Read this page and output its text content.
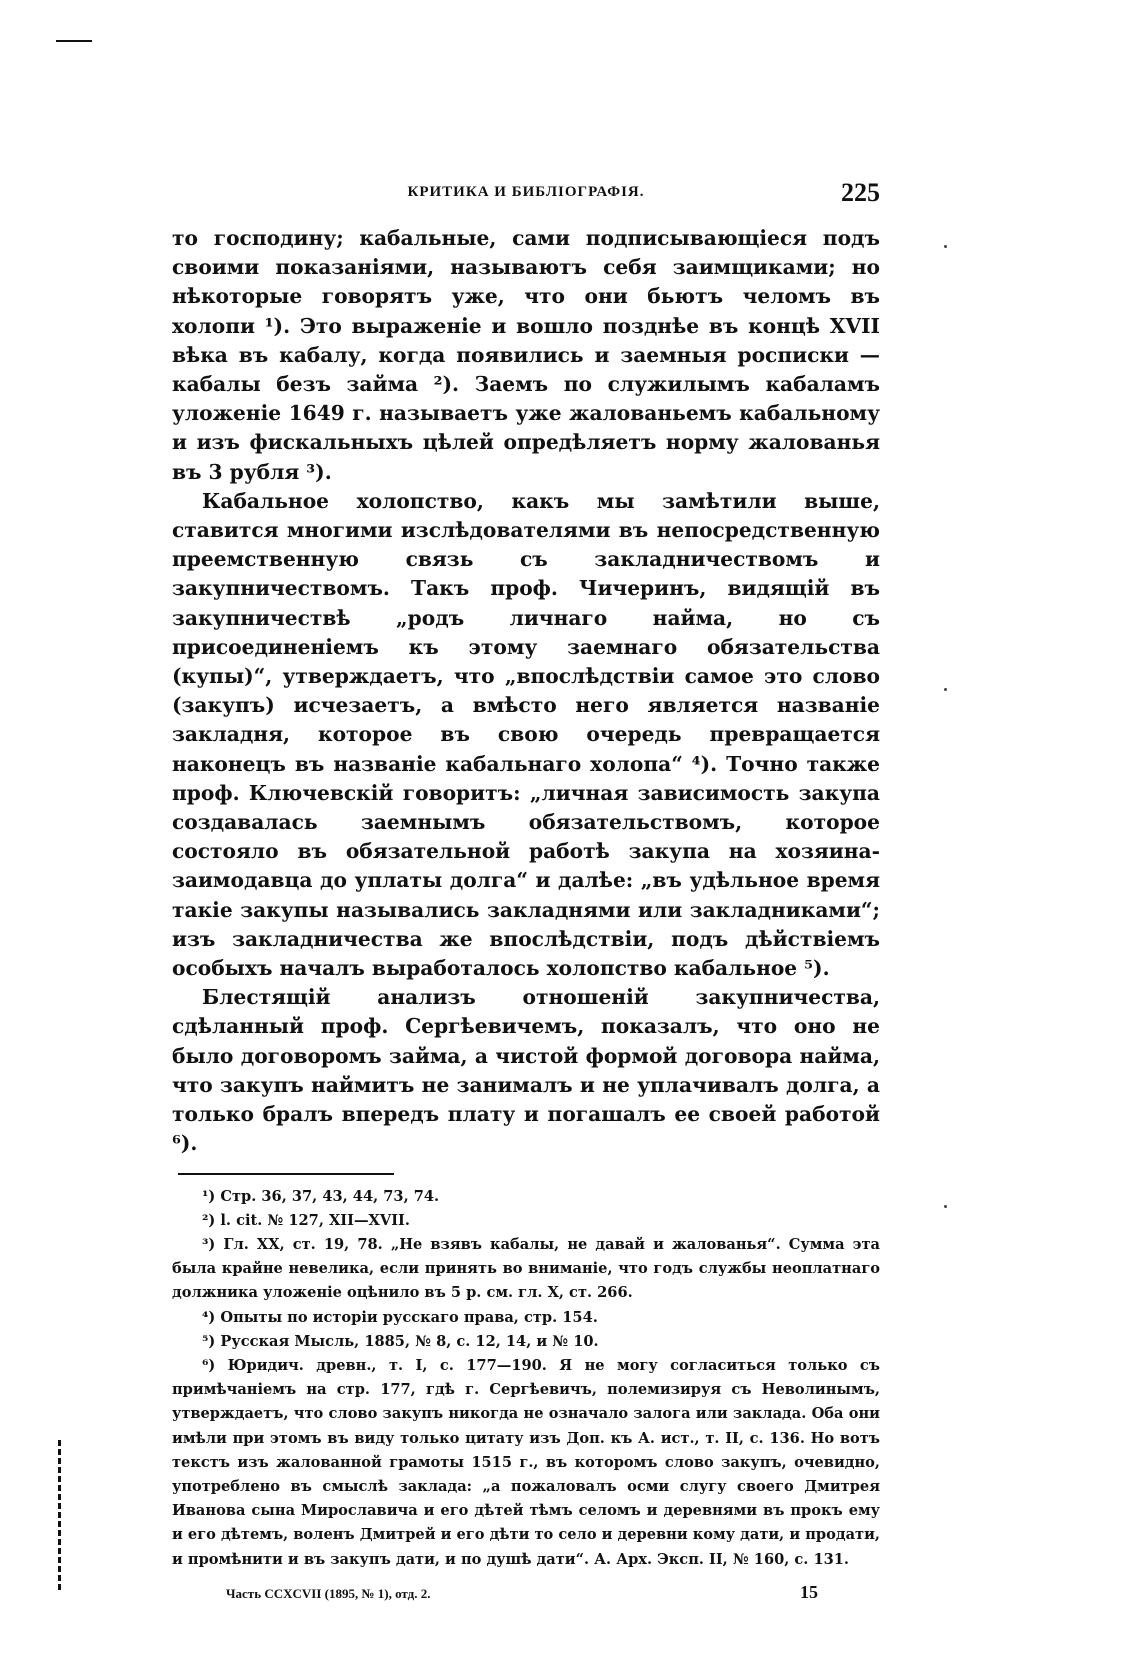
КРИТИКА И БИБЛІОГРАФІЯ.	225

то господину; кабальные, сами подписывающіеся подъ своими показаніями, называютъ себя заимщиками; но нѣкоторые говорятъ уже, что они бьютъ челомъ въ холопи ¹). Это выраженіе и вошло позднѣе въ концѣ XVII вѣка въ кабалу, когда появились и заемныя росписки — кабалы безъ займа ²). Заемъ по служилымъ кабаламъ уложеніе 1649 г. называетъ уже жалованьемъ кабальному и изъ фискальныхъ цѣлей опредѣляетъ норму жалованья въ 3 рубля ³).

Кабальное холопство, какъ мы замѣтили выше, ставится многими изслѣдователями въ непосредственную преемственную связь съ закладничествомъ и закупничествомъ. Такъ проф. Чичеринъ, видящій въ закупничествѣ „родъ личнаго найма, но съ присоединеніемъ къ этому заемнаго обязательства (купы)“, утверждаетъ, что „впослѣдствіи самое это слово (закупъ) исчезаетъ, а вмѣсто него является названіе закладня, которое въ свою очередь превращается наконецъ въ названіе кабальнаго холопа“ ⁴). Точно также проф. Ключевскій говоритъ: „личная зависимость закупа создавалась заемнымъ обязательствомъ, которое состояло въ обязательной работѣ закупа на хозяина-заимодавца до уплаты долга“ и далѣе: „въ удѣльное время такіе закупы назывались закладнями или закладниками“; изъ закладничества же впослѣдствіи, подъ дѣйствіемъ особыхъ началъ выработалось холопство кабальное ⁵).

Блестящій анализъ отношеній закупничества, сдѣланный проф. Сергѣевичемъ, показалъ, что оно не было договоромъ займа, а чистой формой договора найма, что закупъ наймитъ не занималъ и не уплачивалъ долга, а только бралъ впередъ плату и погашалъ ее своей работой ⁶).

¹) Стр. 36, 37, 43, 44, 73, 74.

²) l. cit. № 127, XII—XVII.

³) Гл. XX, ст. 19, 78. „Не взявъ кабалы, не давай и жалованья“. Сумма эта была крайне невелика, если принять во вниманіе, что годъ службы неоплатнаго должника уложеніе оцѣнило въ 5 р. см. гл. X, ст. 266.

⁴) Опыты по исторіи русскаго права, стр. 154.

⁵) Русская Мысль, 1885, № 8, с. 12, 14, и № 10.

⁶) Юридич. древн., т. I, с. 177—190. Я не могу согласиться только съ примѣчаніемъ на стр. 177, гдѣ г. Сергѣевичъ, полемизируя съ Неволинымъ, утверждаетъ, что слово закупъ никогда не означало залога или заклада. Оба они имѣли при этомъ въ виду только цитату изъ Доп. къ А. ист., т. II, с. 136. Но вотъ текстъ изъ жалованной грамоты 1515 г., въ которомъ слово закупъ, очевидно, употреблено въ смыслѣ заклада: „а пожаловалъ осми слугу своего Дмитрея Иванова сына Мирославича и его дѣтей тѣмъ селомъ и деревнями въ прокъ ему и его дѣтемъ, воленъ Дмитрей и его дѣти то село и деревни кому дати, и продати, и промѣнити и въ закупъ дати, и по душѣ дати“. А. Арх. Эксп. II, № 160, с. 131.

Часть CCXCVII (1895, № 1), отд. 2.	15
